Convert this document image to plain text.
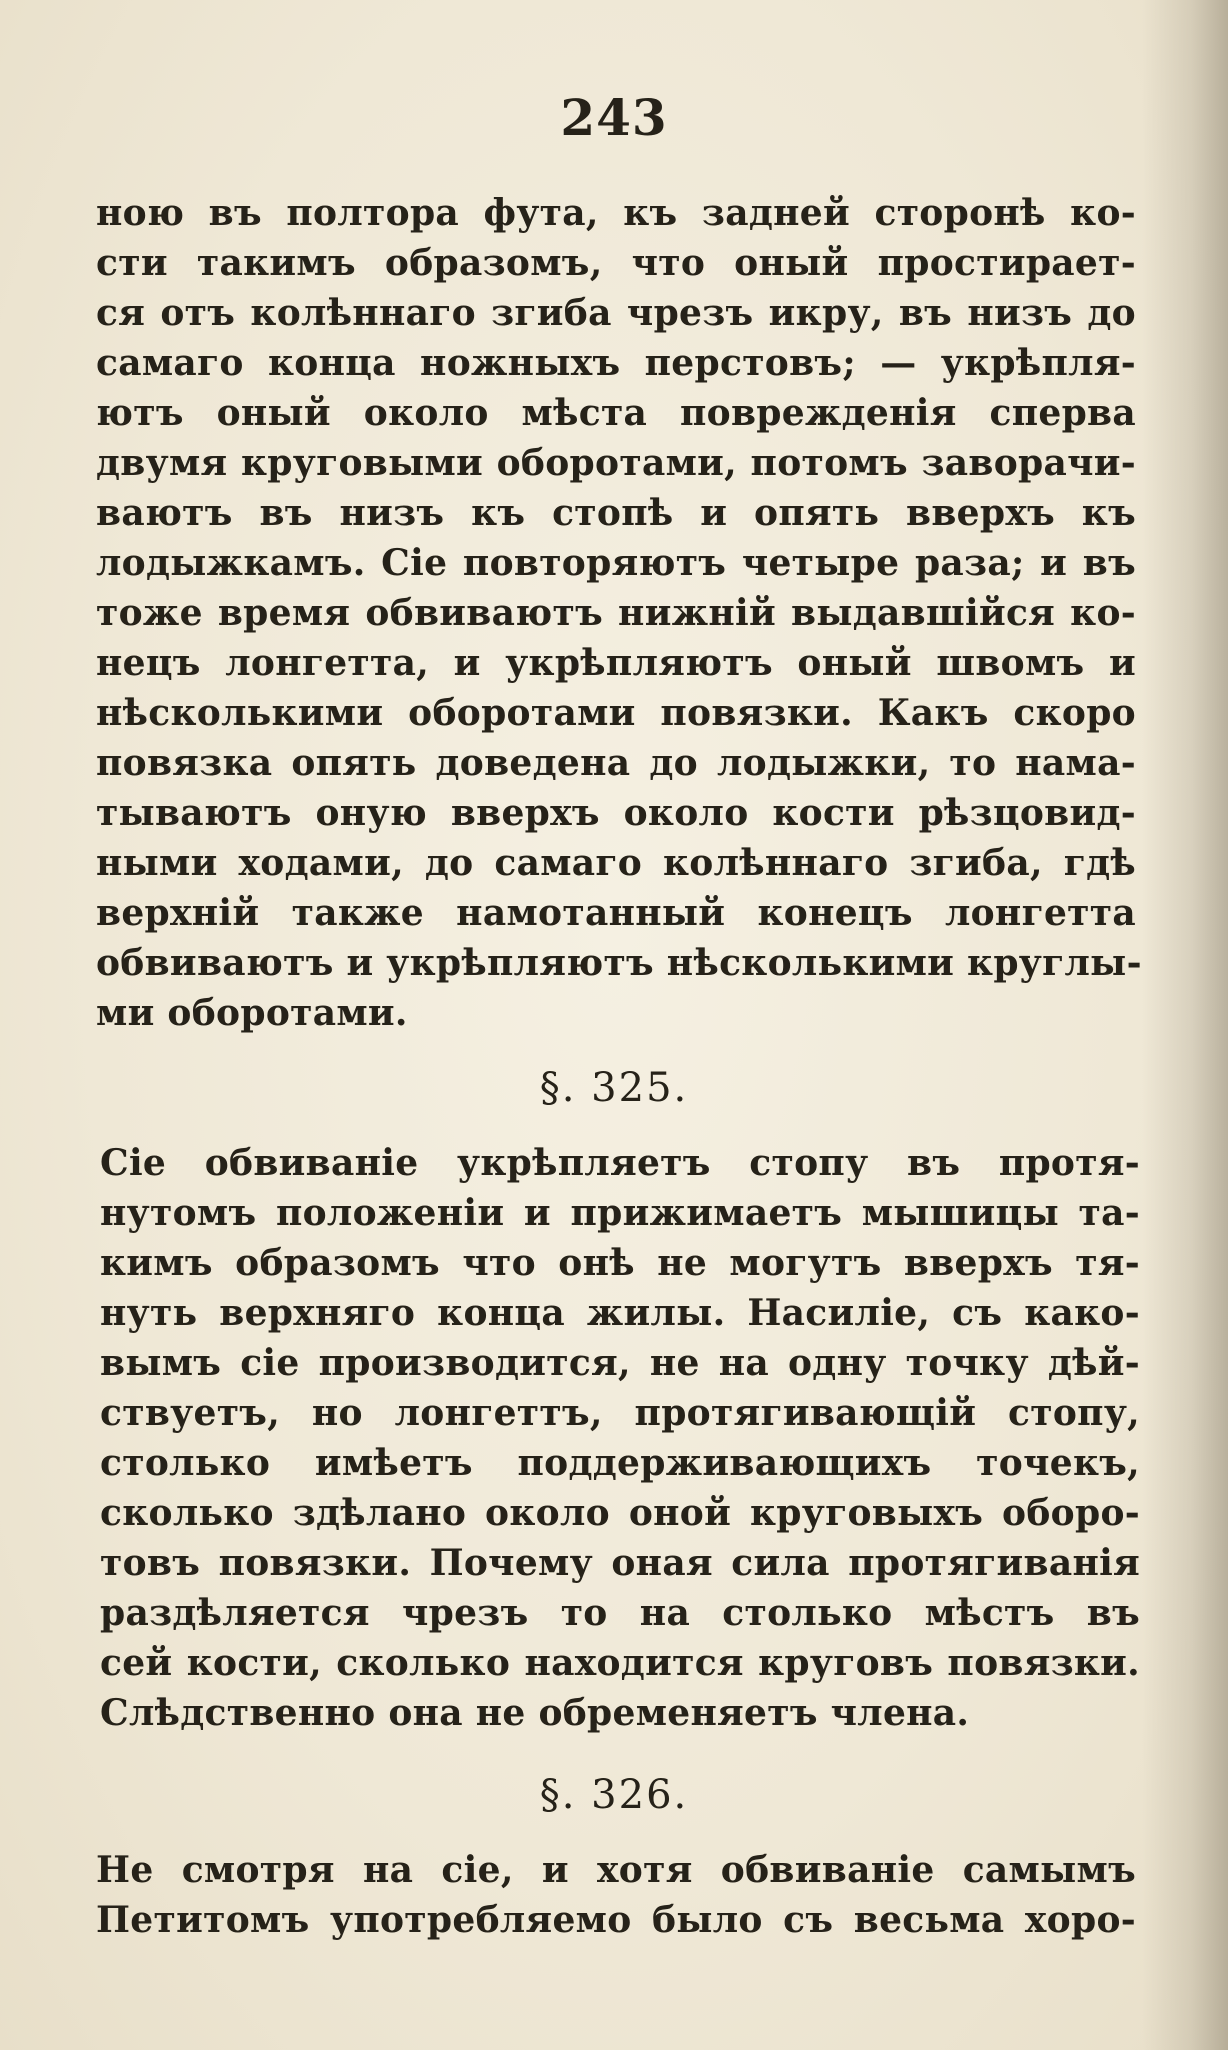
243
ною въ полтора фута, къ задней сторонѣ ко-
сти такимъ образомъ, что оный простирает-
ся отъ колѣннаго згиба чрезъ икру, въ низъ до
самаго конца ножныхъ перстовъ; — укрѣпля-
ютъ оный около мѣста поврежденія сперва
двумя круговыми оборотами, потомъ заворачи-
ваютъ въ низъ къ стопѣ и опять вверхъ къ
лодыжкамъ. Сіе повторяютъ четыре раза; и въ
тоже время обвиваютъ нижній выдавшійся ко-
нецъ лонгетта, и укрѣпляютъ оный швомъ и
нѣсколькими оборотами повязки. Какъ скоро
повязка опять доведена до лодыжки, то нама-
тываютъ оную вверхъ около кости рѣзцовид-
ными ходами, до самаго колѣннаго згиба, гдѣ
верхній также намотанный конецъ лонгетта
обвиваютъ и укрѣпляютъ нѣсколькими круглы-
ми оборотами.
§. 325.
Сіе обвиваніе укрѣпляетъ стопу въ протя-
нутомъ положеніи и прижимаетъ мышицы та-
кимъ образомъ что онѣ не могутъ вверхъ тя-
нуть верхняго конца жилы. Насиліе, съ како-
вымъ сіе производится, не на одну точку дѣй-
ствуетъ, но лонгеттъ, протягивающій стопу,
столько имѣетъ поддерживающихъ точекъ,
сколько здѣлано около оной круговыхъ оборо-
товъ повязки. Почему оная сила протягиванія
раздѣляется чрезъ то на столько мѣстъ въ
сей кости, сколько находится круговъ повязки.
Слѣдственно она не обременяетъ члена.
§. 326.
Не смотря на сіе, и хотя обвиваніе самымъ
Петитомъ употребляемо было съ весьма хоро-
